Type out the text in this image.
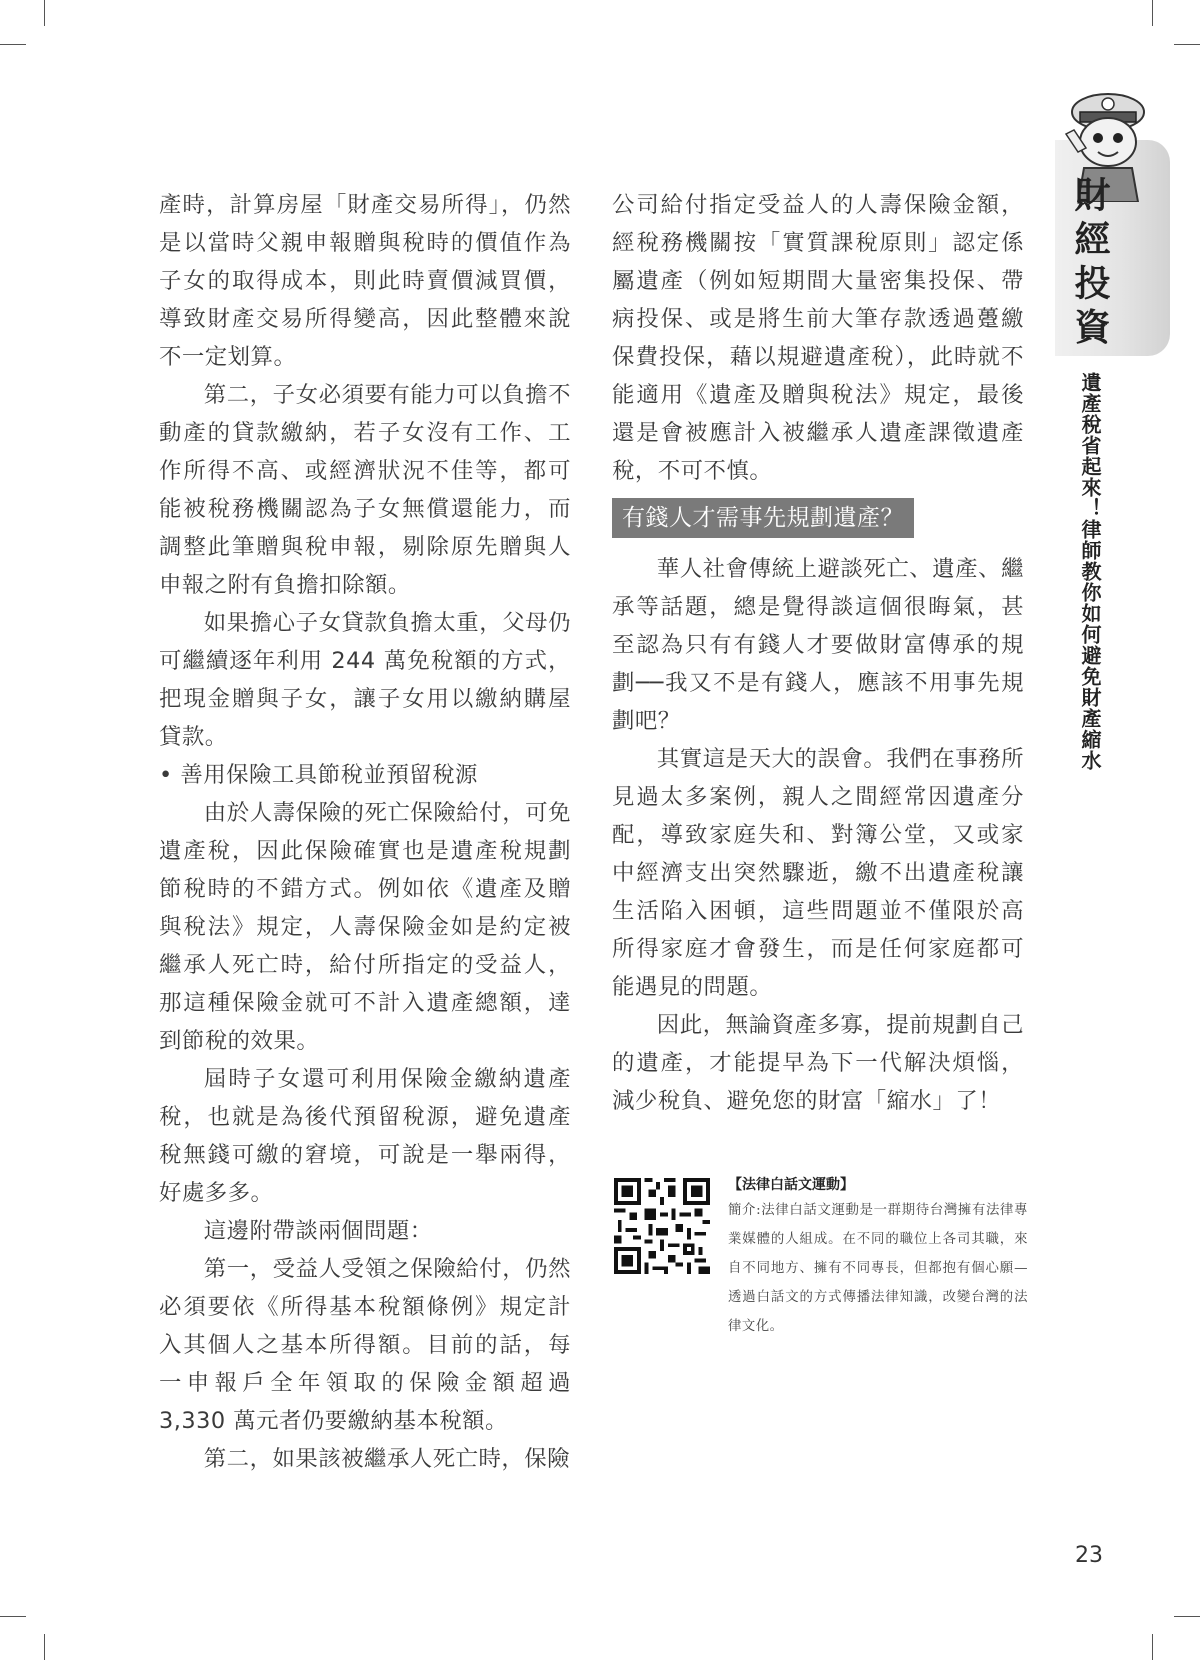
產時，計算房屋「財產交易所得」，仍然是以當時父親申報贈與稅時的價值作為子女的取得成本，則此時賣價減買價，導致財產交易所得變高，因此整體來說不一定划算。

第二，子女必須要有能力可以負擔不動產的貸款繳納，若子女沒有工作、工作所得不高、或經濟狀況不佳等，都可能被稅務機關認為子女無償還能力，而調整此筆贈與稅申報，剔除原先贈與人申報之附有負擔扣除額。

如果擔心子女貸款負擔太重，父母仍可繼續逐年利用 244 萬免稅額的方式，把現金贈與子女，讓子女用以繳納購屋貸款。

• 善用保險工具節稅並預留稅源

由於人壽保險的死亡保險給付，可免遺產稅，因此保險確實也是遺產稅規劃節稅時的不錯方式。例如依《遺產及贈與稅法》規定，人壽保險金如是約定被繼承人死亡時，給付所指定的受益人，那這種保險金就可不計入遺產總額，達到節稅的效果。

屆時子女還可利用保險金繳納遺產稅，也就是為後代預留稅源，避免遺產稅無錢可繳的窘境，可說是一舉兩得，好處多多。

這邊附帶談兩個問題：

第一，受益人受領之保險給付，仍然必須要依《所得基本稅額條例》規定計入其個人之基本所得額。目前的話，每一申報戶全年領取的保險金額超過 3,330 萬元者仍要繳納基本稅額。

第二，如果該被繼承人死亡時，保險

公司給付指定受益人的人壽保險金額，經稅務機關按「實質課稅原則」認定係屬遺產（例如短期間大量密集投保、帶病投保、或是將生前大筆存款透過躉繳保費投保，藉以規避遺產稅），此時就不能適用《遺產及贈與稅法》規定，最後還是會被應計入被繼承人遺產課徵遺產稅，不可不慎。

有錢人才需事先規劃遺產？

華人社會傳統上避談死亡、遺產、繼承等話題，總是覺得談這個很晦氣，甚至認為只有有錢人才要做財富傳承的規劃──我又不是有錢人，應該不用事先規劃吧？

其實這是天大的誤會。我們在事務所見過太多案例，親人之間經常因遺產分配，導致家庭失和、對簿公堂，又或家中經濟支出突然驟逝，繳不出遺產稅讓生活陷入困頓，這些問題並不僅限於高所得家庭才會發生，而是任何家庭都可能遇見的問題。

因此，無論資產多寡，提前規劃自己的遺產，才能提早為下一代解決煩惱，減少稅負、避免您的財富「縮水」了！

【法律白話文運動】
簡介:法律白話文運動是一群期待台灣擁有法律專業媒體的人組成。在不同的職位上各司其職，來自不同地方、擁有不同專長，但都抱有個心願—透過白話文的方式傳播法律知識，改變台灣的法律文化。
財經投資
遺產稅省起來！律師教你如何避免財產縮水
23
